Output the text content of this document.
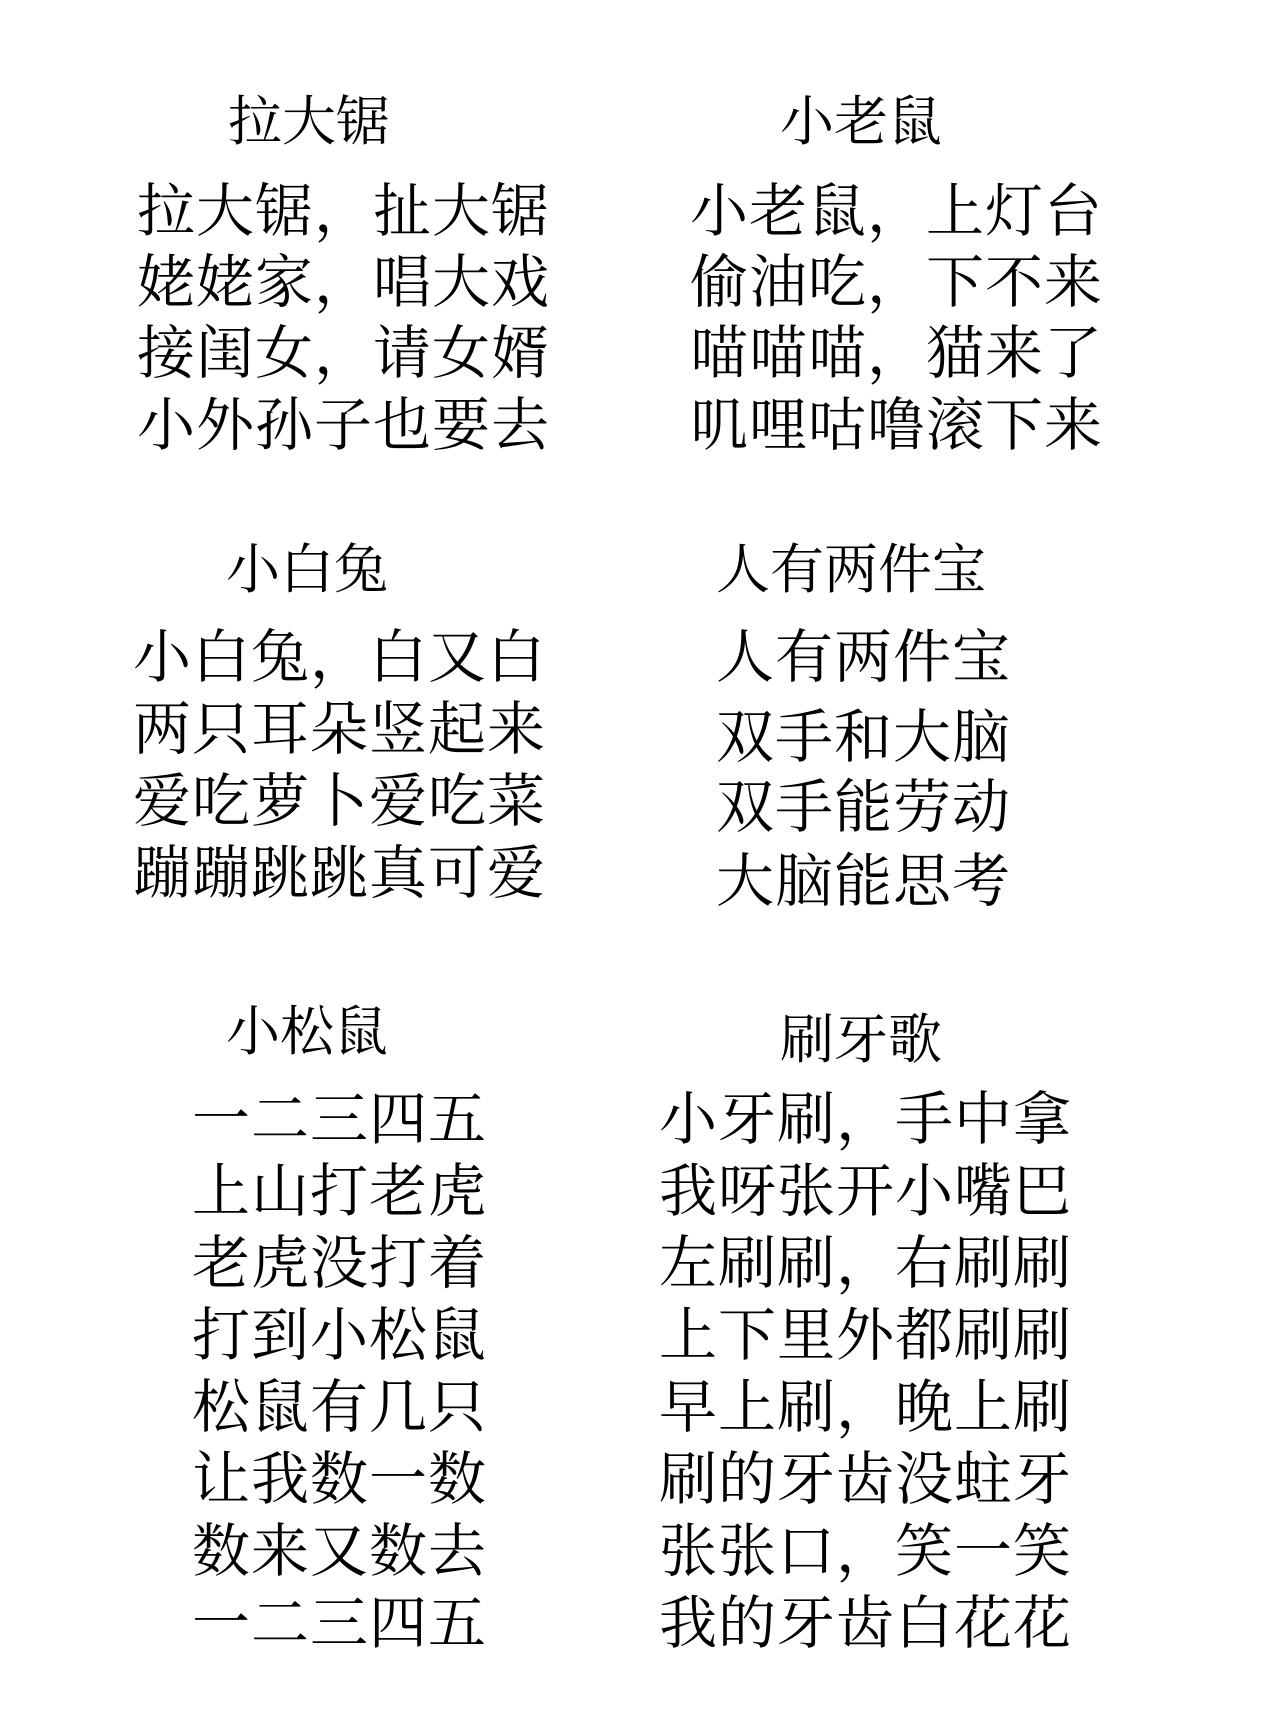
拉大锯
拉大锯，扯大锯
姥姥家，唱大戏
接闺女，请女婿
小外孙子也要去
小老鼠
小老鼠，上灯台
偷油吃，下不来
喵喵喵，猫来了
叽哩咕噜滚下来
小白兔
小白兔，白又白
两只耳朵竖起来
爱吃萝卜爱吃菜
蹦蹦跳跳真可爱
人有两件宝
人有两件宝
双手和大脑
双手能劳动
大脑能思考
小松鼠
一二三四五
上山打老虎
老虎没打着
打到小松鼠
松鼠有几只
让我数一数
数来又数去
一二三四五
刷牙歌
小牙刷，手中拿
我呀张开小嘴巴
左刷刷，右刷刷
上下里外都刷刷
早上刷，晚上刷
刷的牙齿没蛀牙
张张口，笑一笑
我的牙齿白花花
